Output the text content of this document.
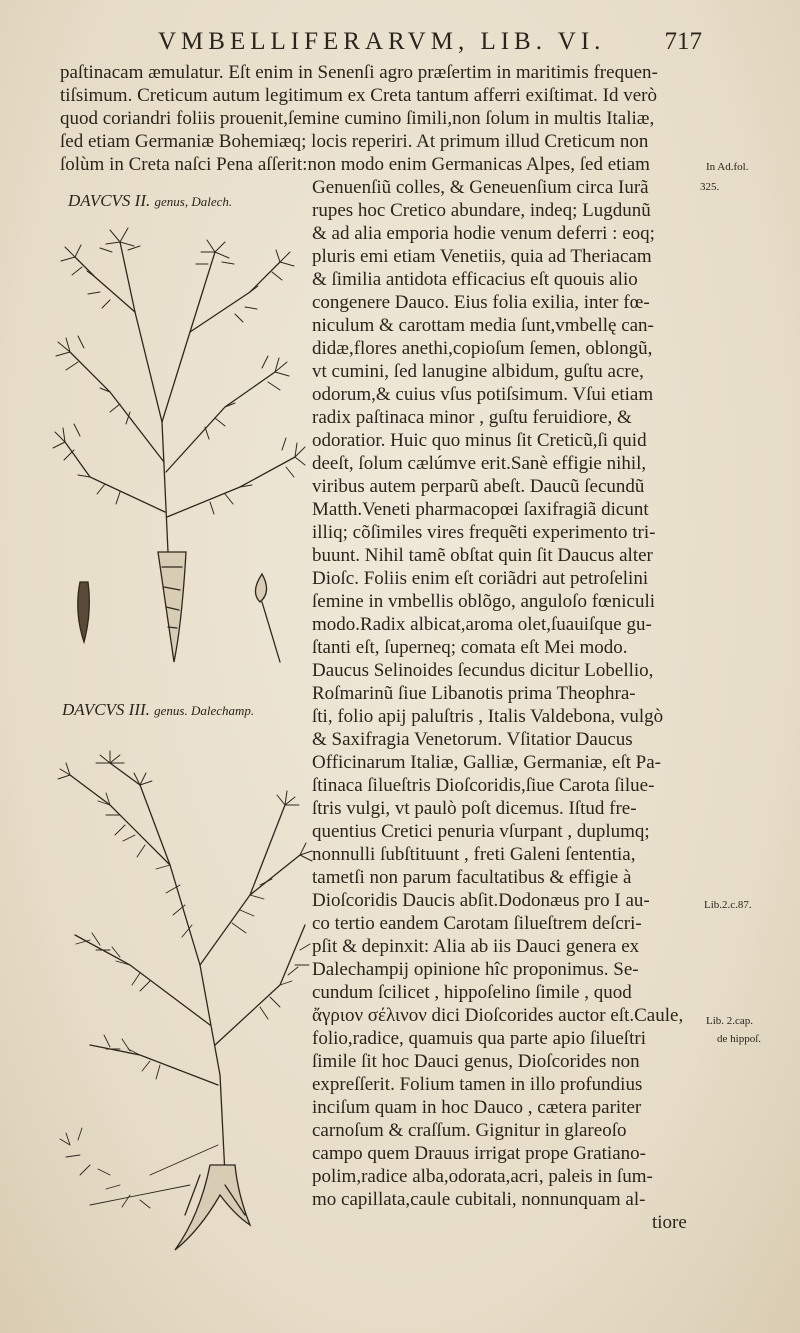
VMBELLIFERARVM, LIB. VI. 717
paſtinacam æmulatur. Eſt enim in Senenſi agro præſertim in maritimis frequen-
tiſsimum. Creticum autum legitimum ex Creta tantum afferri exiſtimat. Id verò
quod coriandri foliis prouenit,ſemine cumino ſimili,non ſolum in multis Italiæ,
ſed etiam Germaniæ Bohemiæq; locis reperiri. At primum illud Creticum non
ſolùm in Creta naſci Pena aſſerit:non modo enim Germanicas Alpes, ſed etiam
Genuenſiũ colles, & Geneuenſium circa Iurã
rupes hoc Cretico abundare, indeq; Lugdunũ
& ad alia emporia hodie venum deferri : eoq;
pluris emi etiam Venetiis, quia ad Theriacam
& ſimilia antidota efficacius eſt quouis alio
congenere Dauco. Eius folia exilia, inter fœ-
niculum & carottam media ſunt,vmbellę can-
didæ,flores anethi,copioſum ſemen, oblongũ,
vt cumini, ſed lanugine albidum, guſtu acre,
odorum,& cuius vſus potiſsimum. Vſui etiam
radix paſtinaca minor , guſtu feruidiore, &
odoratior. Huic quo minus ſit Creticũ,ſi quid
deeſt, ſolum cælúmve erit.Sanè effigie nihil,
viribus autem perparũ abeſt. Daucũ ſecundũ
Matth.Veneti pharmacopœi ſaxifragiã dicunt
illiq; cõſimiles vires frequẽti experimento tri-
buunt. Nihil tamẽ obſtat quin ſit Daucus alter
Dioſc. Foliis enim eſt coriãdri aut petroſelini
ſemine in vmbellis oblõgo, anguloſo fœniculi
modo.Radix albicat,aroma olet,ſuauiſque gu-
ſtanti eſt, ſuperneq; comata eſt Mei modo.
Daucus Selinoides ſecundus dicitur Lobellio,
Roſmarinũ ſiue Libanotis prima Theophra-
ſti, folio apij paluſtris , Italis Valdebona, vulgò
& Saxifragia Venetorum. Vſitatior Daucus
Officinarum Italiæ, Galliæ, Germaniæ, eſt Pa-
ſtinaca ſilueſtris Dioſcoridis,ſiue Carota ſilue-
ſtris vulgi, vt paulò poſt dicemus. Iſtud fre-
quentius Cretici penuria vſurpant , duplumq;
nonnulli ſubſtituunt , freti Galeni ſententia,
tametſi non parum facultatibus & effigie à
Dioſcoridis Daucis abſit.Dodonæus pro I au-
co tertio eandem Carotam ſilueſtrem deſcri-
pſit & depinxit: Alia ab iis Dauci genera ex
Dalechampij opinione hîc proponimus. Se-
cundum ſcilicet , hippoſelino ſimile , quod
ἄγριον σέλινον dici Dioſcorides auctor eſt.Caule,
folio,radice, quamuis qua parte apio ſilueſtri
ſimile ſit hoc Dauci genus, Dioſcorides non
expreſſerit. Folium tamen in illo profundius
inciſum quam in hoc Dauco , cætera pariter
carnoſum & craſſum. Gignitur in glareoſo
campo quem Drauus irrigat prope Gratiano-
polim,radice alba,odorata,acri, paleis in ſum-
mo capillata,caule cubitali, nonnunquam al-
tiore
In Ad.fol.
325.
Lib.2.c.87.
Lib. 2.cap.
de hippoſ.
DAVCVS II. genus, Dalech.
DAVCVS III. genus. Dalechamp.
